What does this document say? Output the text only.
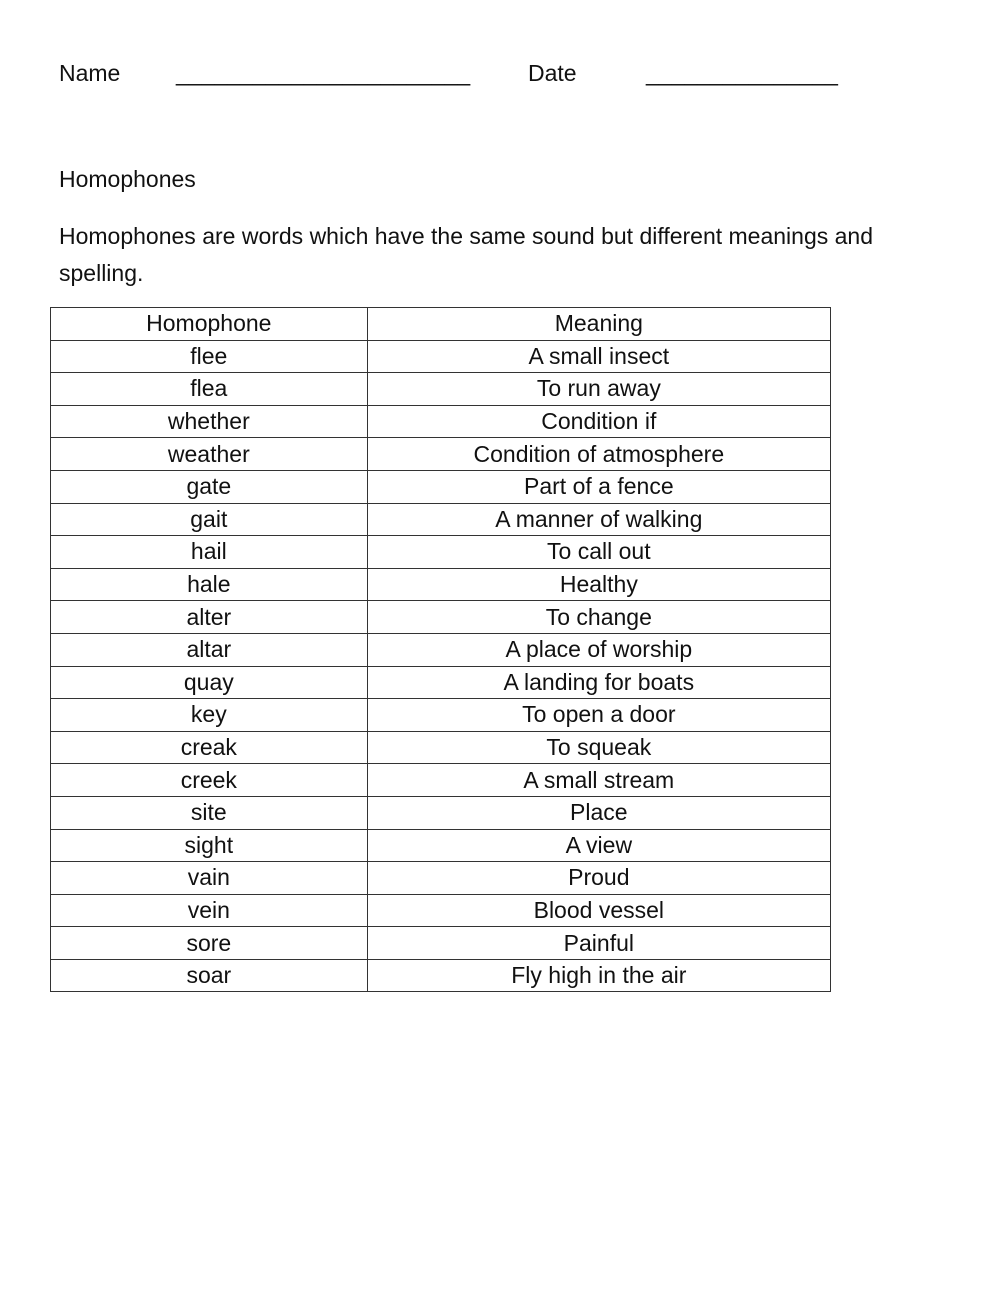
Name _______________________	Date	_______________
Homophones
Homophones are words which have the same sound but different meanings and spelling.
Homophone	Meaning
flee	A small insect
flea	To run away
whether	Condition if
weather	Condition of atmosphere
gate	Part of a fence
gait	A manner of walking
hail	To call out
hale	Healthy
alter	To change
altar	A place of worship
quay	A landing for boats
key	To open a door
creak	To squeak
creek	A small stream
site	Place
sight	A view
vain	Proud
vein	Blood vessel
sore	Painful
soar	Fly high in the air
